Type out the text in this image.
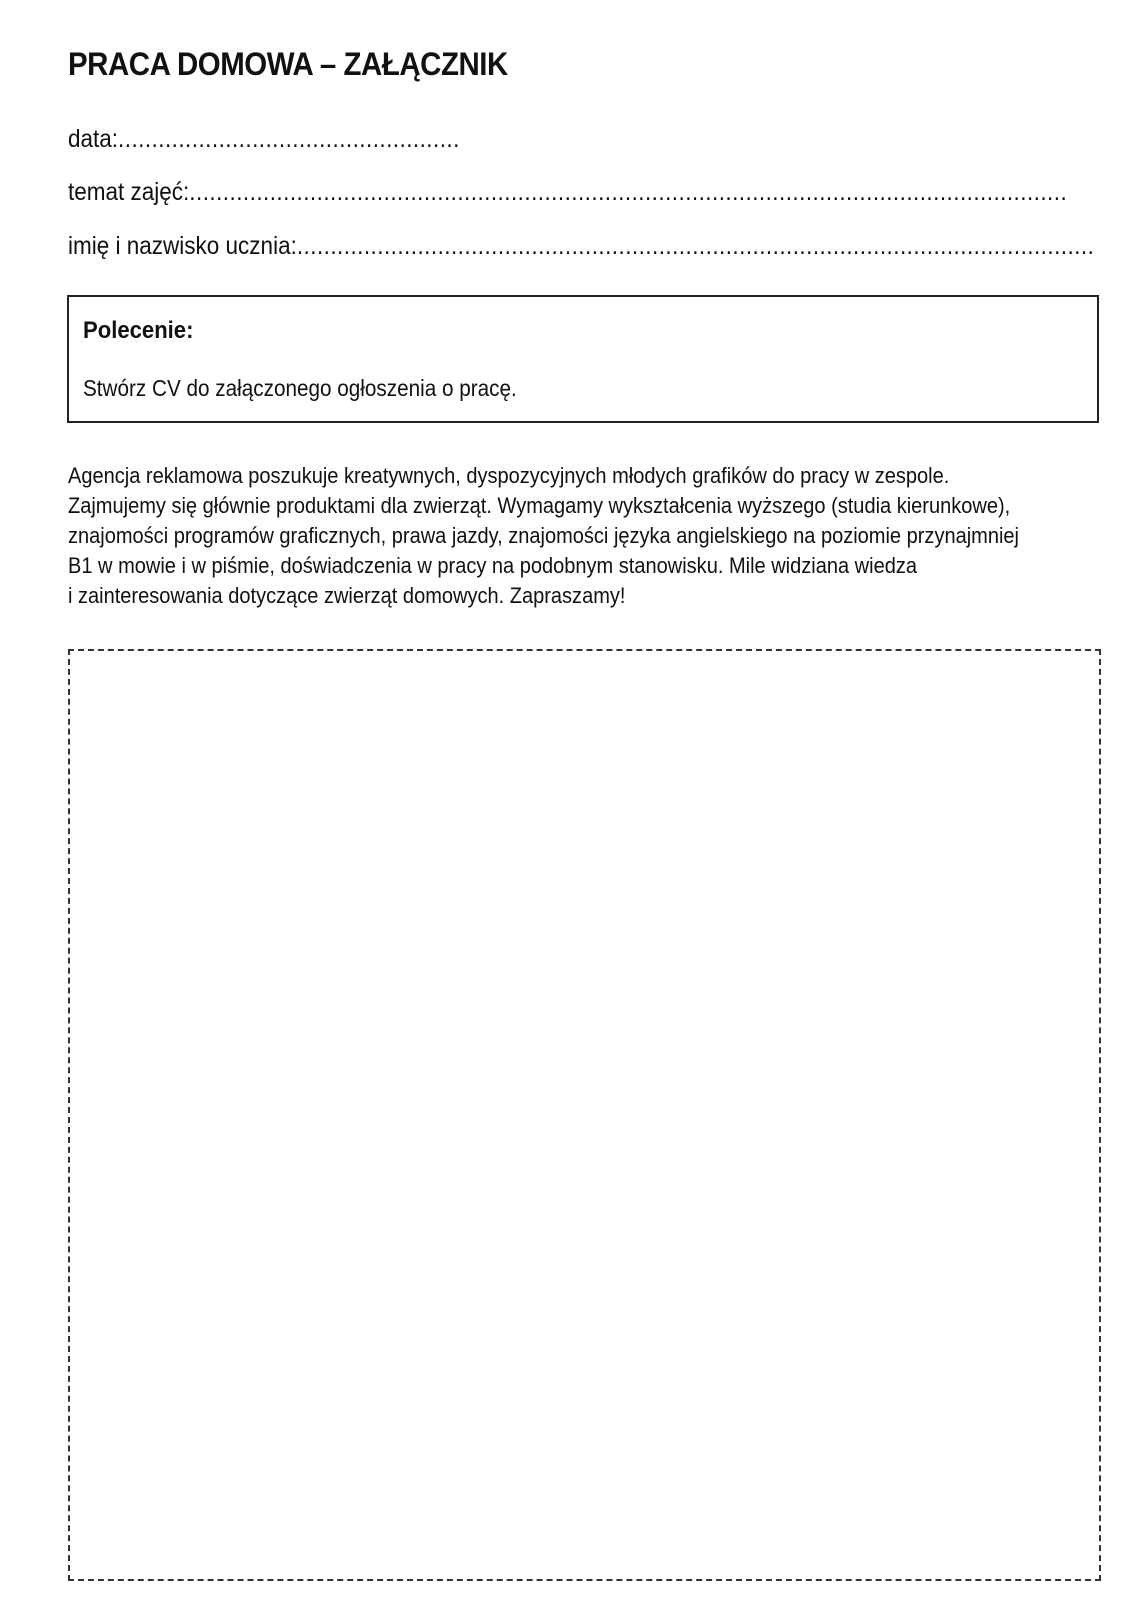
PRACA DOMOWA – ZAŁĄCZNIK
data:...................................................
temat zajęć:...................................................................................................................................
imię i nazwisko ucznia:.......................................................................................................................
Polecenie:
Stwórz CV do załączonego ogłoszenia o pracę.
Agencja reklamowa poszukuje kreatywnych, dyspozycyjnych młodych grafików do pracy w zespole.
Zajmujemy się głównie produktami dla zwierząt. Wymagamy wykształcenia wyższego (studia kierunkowe),
znajomości programów graficznych, prawa jazdy, znajomości języka angielskiego na poziomie przynajmniej
B1 w mowie i w piśmie, doświadczenia w pracy na podobnym stanowisku. Mile widziana wiedza
i zainteresowania dotyczące zwierząt domowych. Zapraszamy!
